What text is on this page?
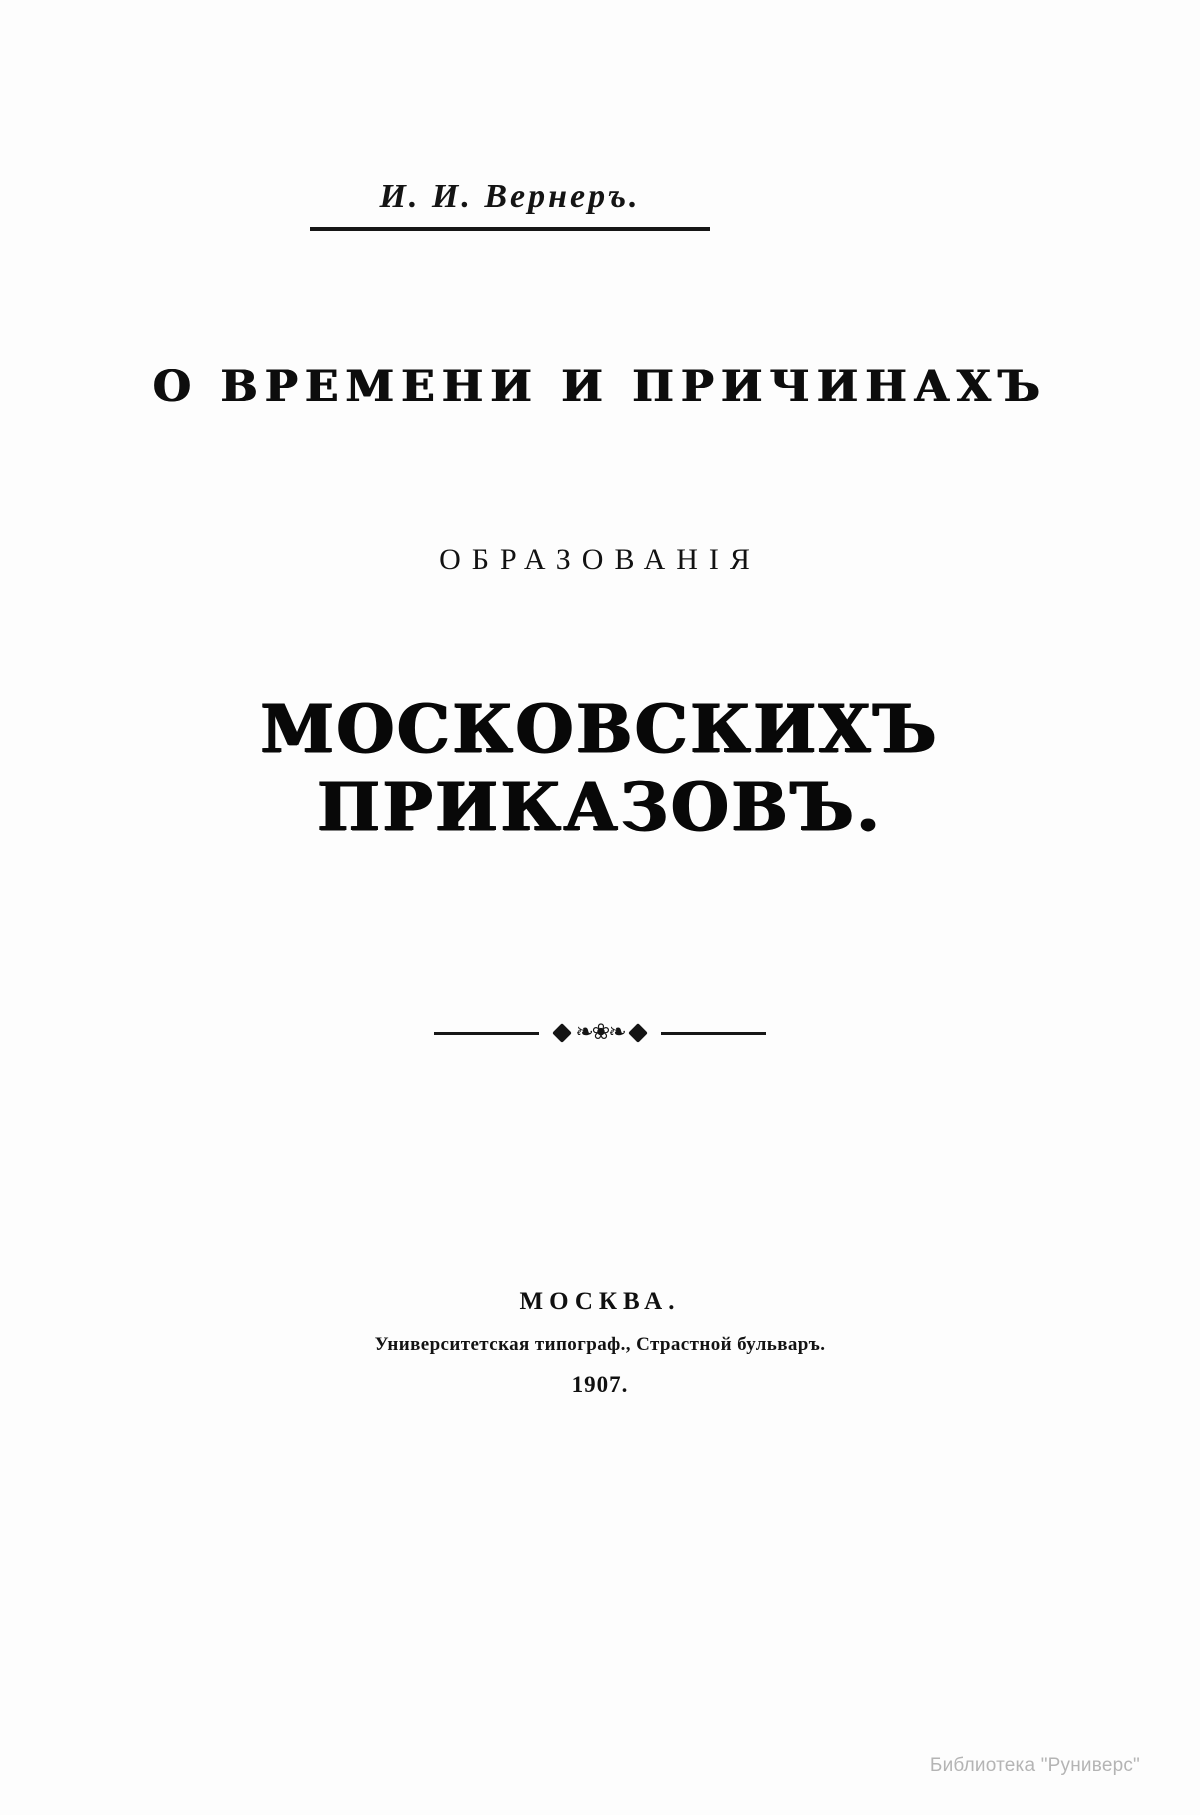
И. И. Вернеръ.
О ВРЕМЕНИ И ПРИЧИНАХЪ
ОБРАЗОВАНІЯ
МОСКОВСКИХЪ ПРИКАЗОВЪ.
❧❀❧
МОСКВА.
Университетская типограф., Страстной бульваръ.
1907.
Библиотека "Руниверс"
